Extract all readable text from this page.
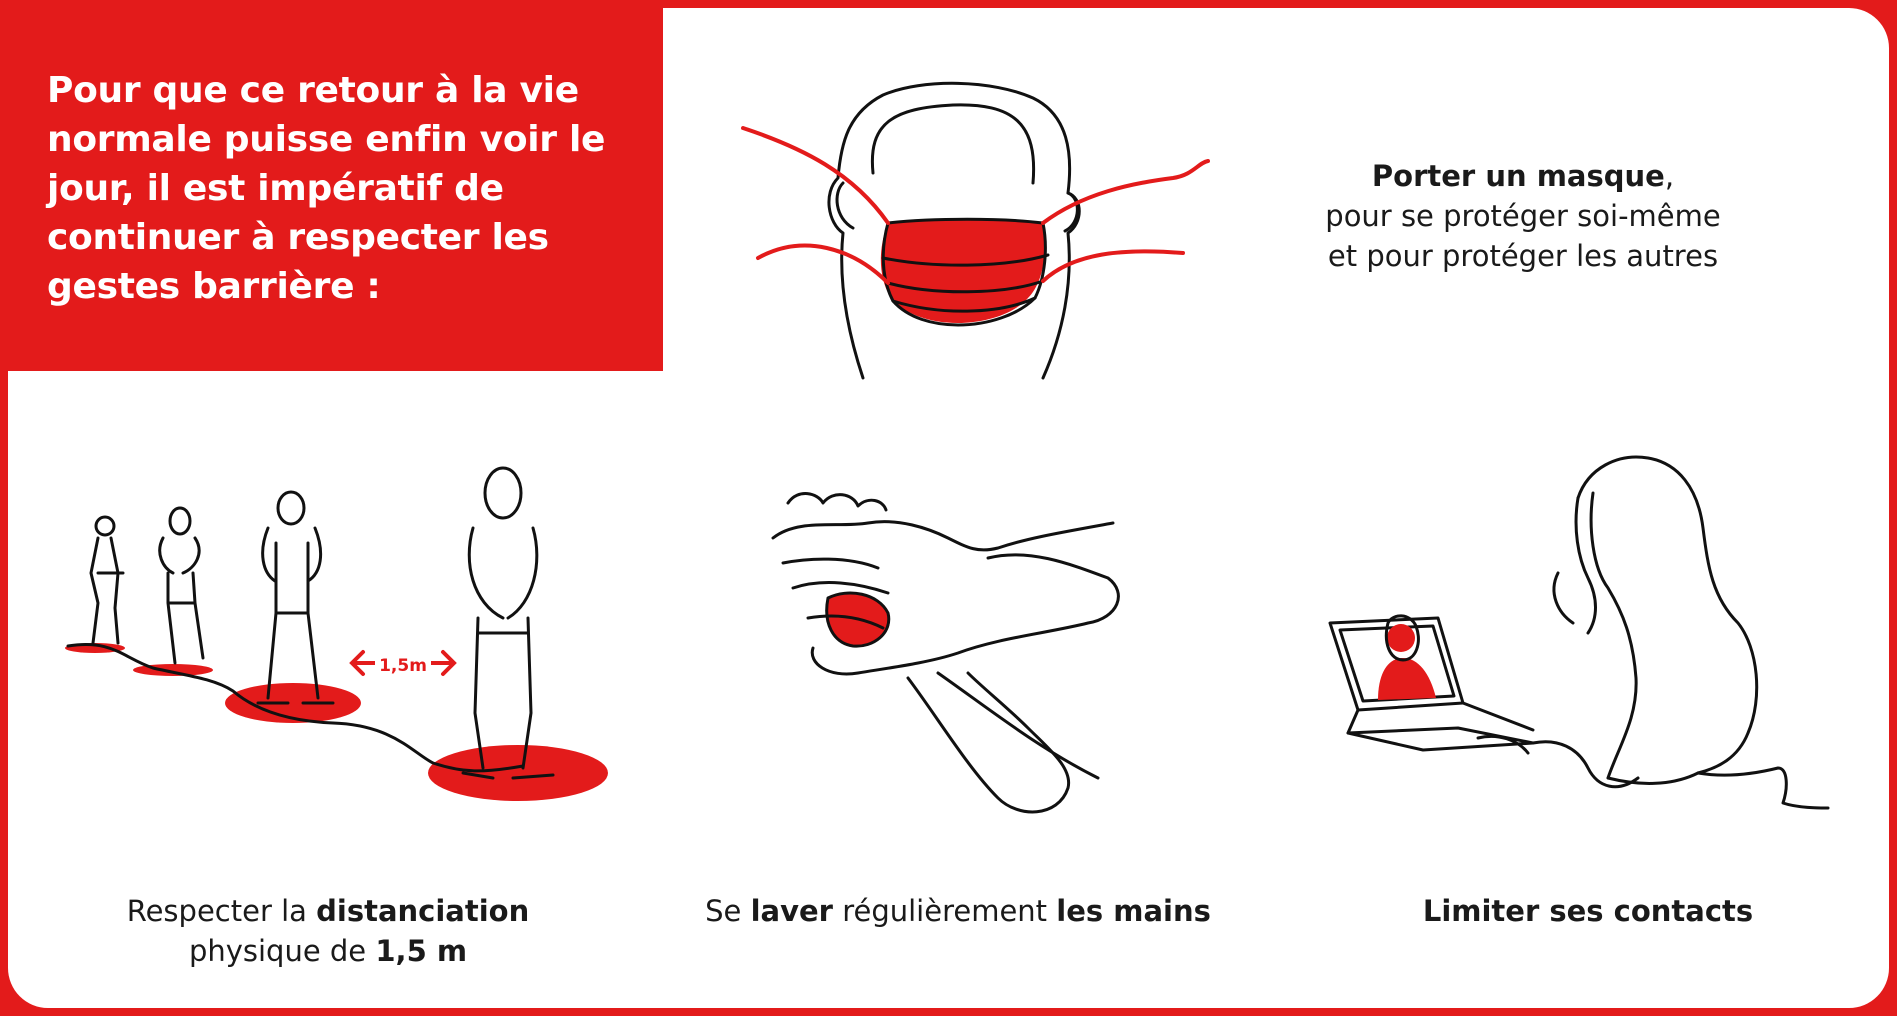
Pour que ce retour à la vie normale puisse enfin voir le jour, il est impératif de continuer à respecter les gestes barrière :
Porter un masque,
pour se protéger soi-même
et pour protéger les autres
1,5m
Respecter la distanciation
physique de 1,5 m
Se laver régulièrement les mains	Limiter ses contacts
